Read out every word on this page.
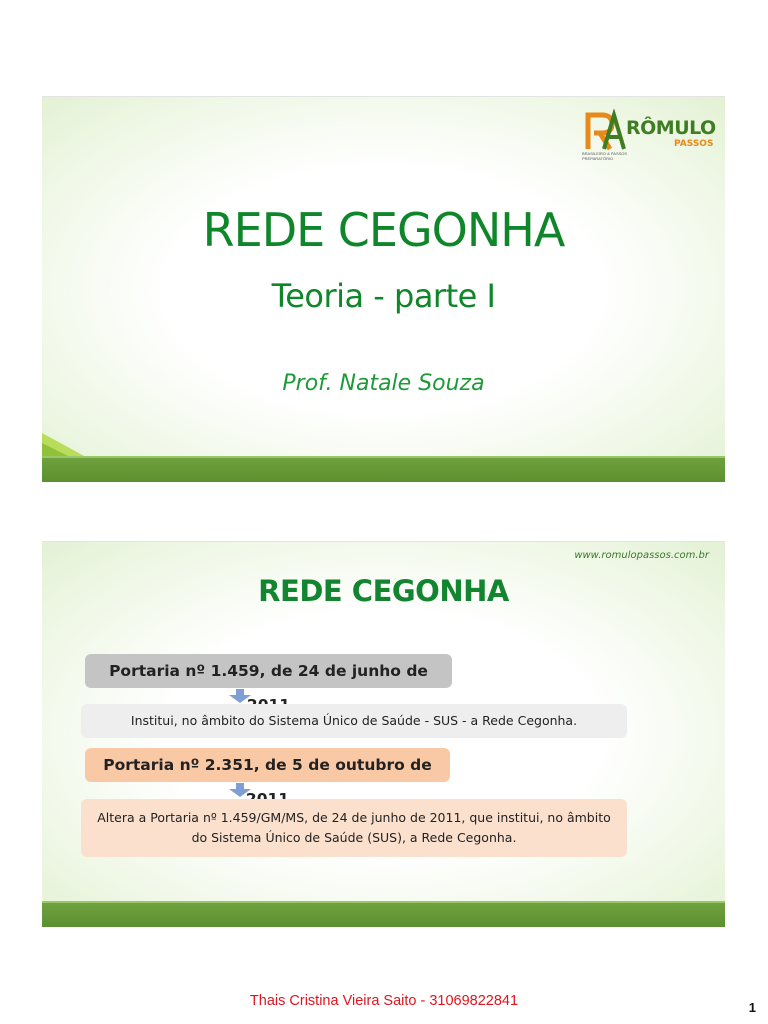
RÔMULO
PASSOS
BRASILEIRO & PASSOS PREPARATÓRIO
REDE CEGONHA
Teoria - parte I
Prof. Natale Souza
www.romulopassos.com.br
REDE CEGONHA
Portaria nº 1.459, de 24 de junho de
Institui, no âmbito do Sistema Único de Saúde - SUS - a Rede Cegonha.
Portaria nº 2.351, de 5 de outubro de
Altera a Portaria nº 1.459/GM/MS, de 24 de junho de 2011, que institui, no âmbito do Sistema Único de Saúde (SUS), a Rede Cegonha.
Thais Cristina Vieira Saito - 31069822841	1
